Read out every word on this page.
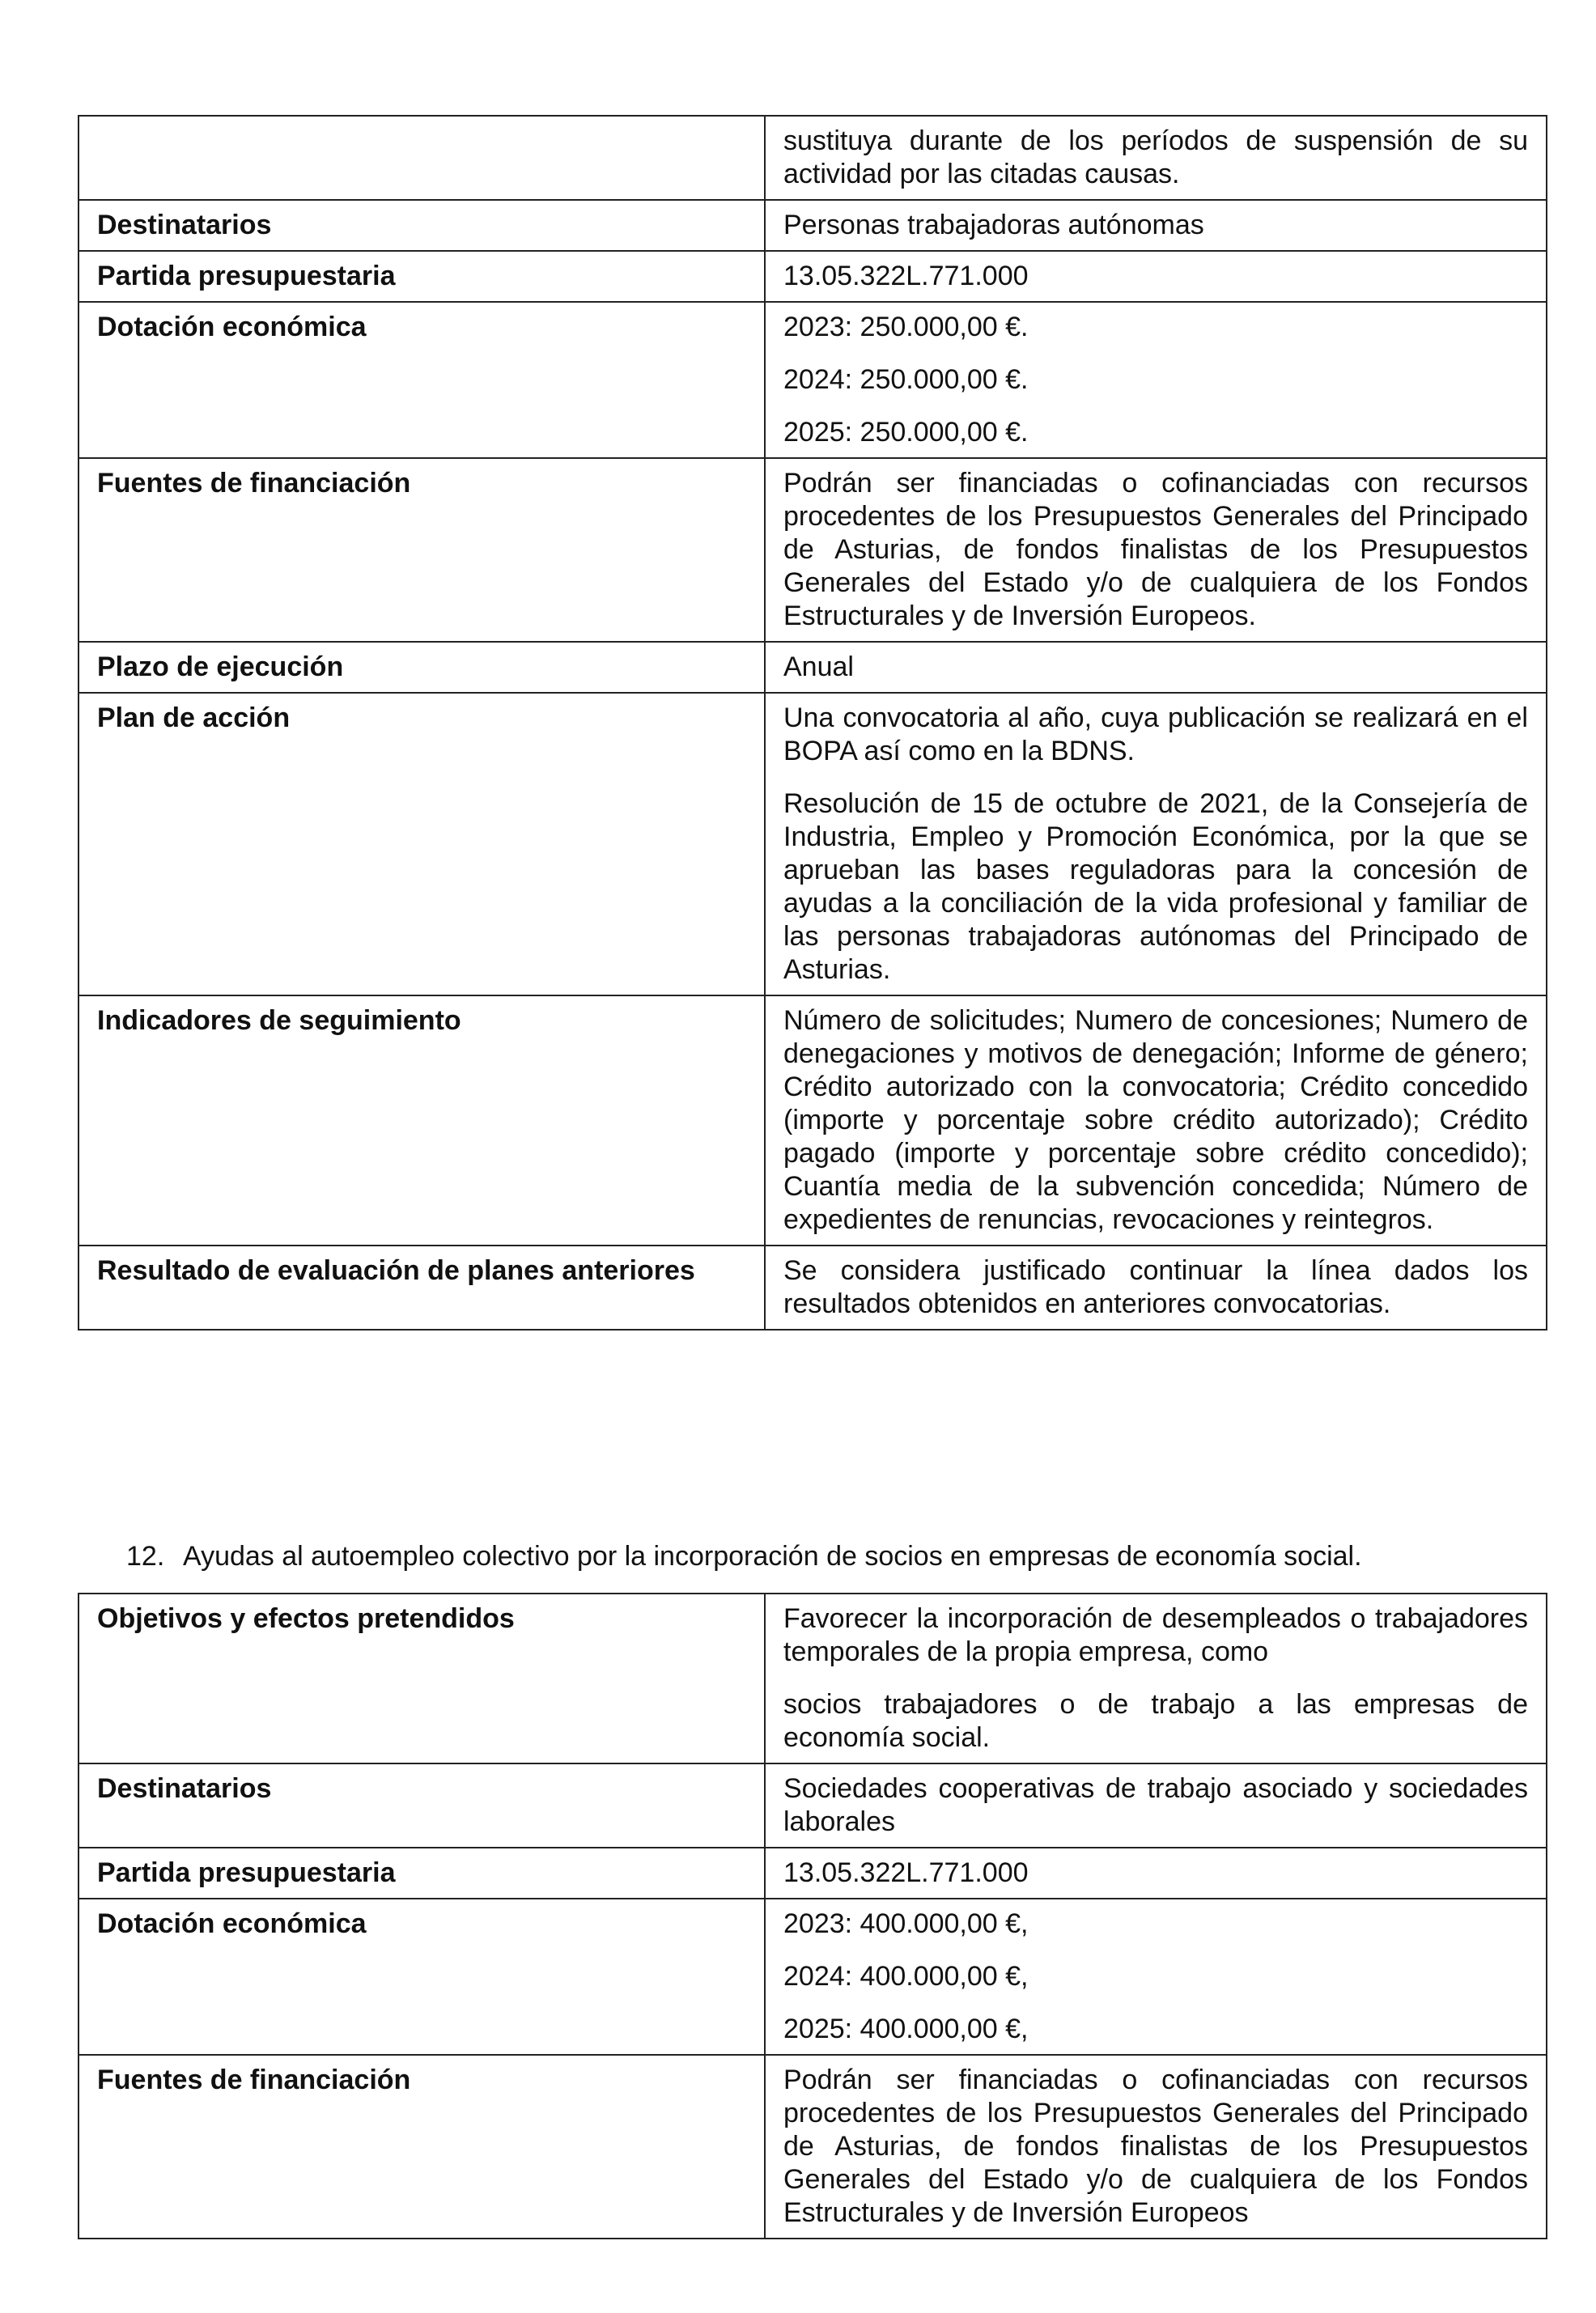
	sustituya durante de los períodos de suspensión de su actividad por las citadas causas.

Destinatarios	Personas trabajadoras autónomas

Partida presupuestaria	13.05.322L.771.000

Dotación económica	2023: 250.000,00 €.

2024: 250.000,00 €.

2025: 250.000,00 €.

Fuentes de financiación	Podrán ser financiadas o cofinanciadas con recursos procedentes de los Presupuestos Generales del Principado de Asturias, de fondos finalistas de los Presupuestos Generales del Estado y/o de cualquiera de los Fondos Estructurales y de Inversión Europeos.

Plazo de ejecución	Anual

Plan de acción	Una convocatoria al año, cuya publicación se realizará en el BOPA así como en la BDNS.

Resolución de 15 de octubre de 2021, de la Consejería de Industria, Empleo y Promoción Económica, por la que se aprueban las bases reguladoras para la concesión de ayudas a la conciliación de la vida profesional y familiar de las personas trabajadoras autónomas del Principado de Asturias.

Indicadores de seguimiento	Número de solicitudes; Numero de concesiones; Numero de denegaciones y motivos de denegación; Informe de género; Crédito autorizado con la convocatoria; Crédito concedido (importe y porcentaje sobre crédito autorizado); Crédito pagado (importe y porcentaje sobre crédito concedido); Cuantía media de la subvención concedida; Número de expedientes de renuncias, revocaciones y reintegros.

Resultado de evaluación de planes anteriores	Se considera justificado continuar la línea dados los resultados obtenidos en anteriores convocatorias.

12. Ayudas al autoempleo colectivo por la incorporación de socios en empresas de economía social.
Objetivos y efectos pretendidos	Favorecer la incorporación de desempleados o trabajadores temporales de la propia empresa, como

socios trabajadores o de trabajo a las empresas de economía social.

Destinatarios	Sociedades cooperativas de trabajo asociado y sociedades laborales

Partida presupuestaria	13.05.322L.771.000

Dotación económica	2023: 400.000,00 €,

2024: 400.000,00 €,

2025: 400.000,00 €,

Fuentes de financiación	Podrán ser financiadas o cofinanciadas con recursos procedentes de los Presupuestos Generales del Principado de Asturias, de fondos finalistas de los Presupuestos Generales del Estado y/o de cualquiera de los Fondos Estructurales y de Inversión Europeos
